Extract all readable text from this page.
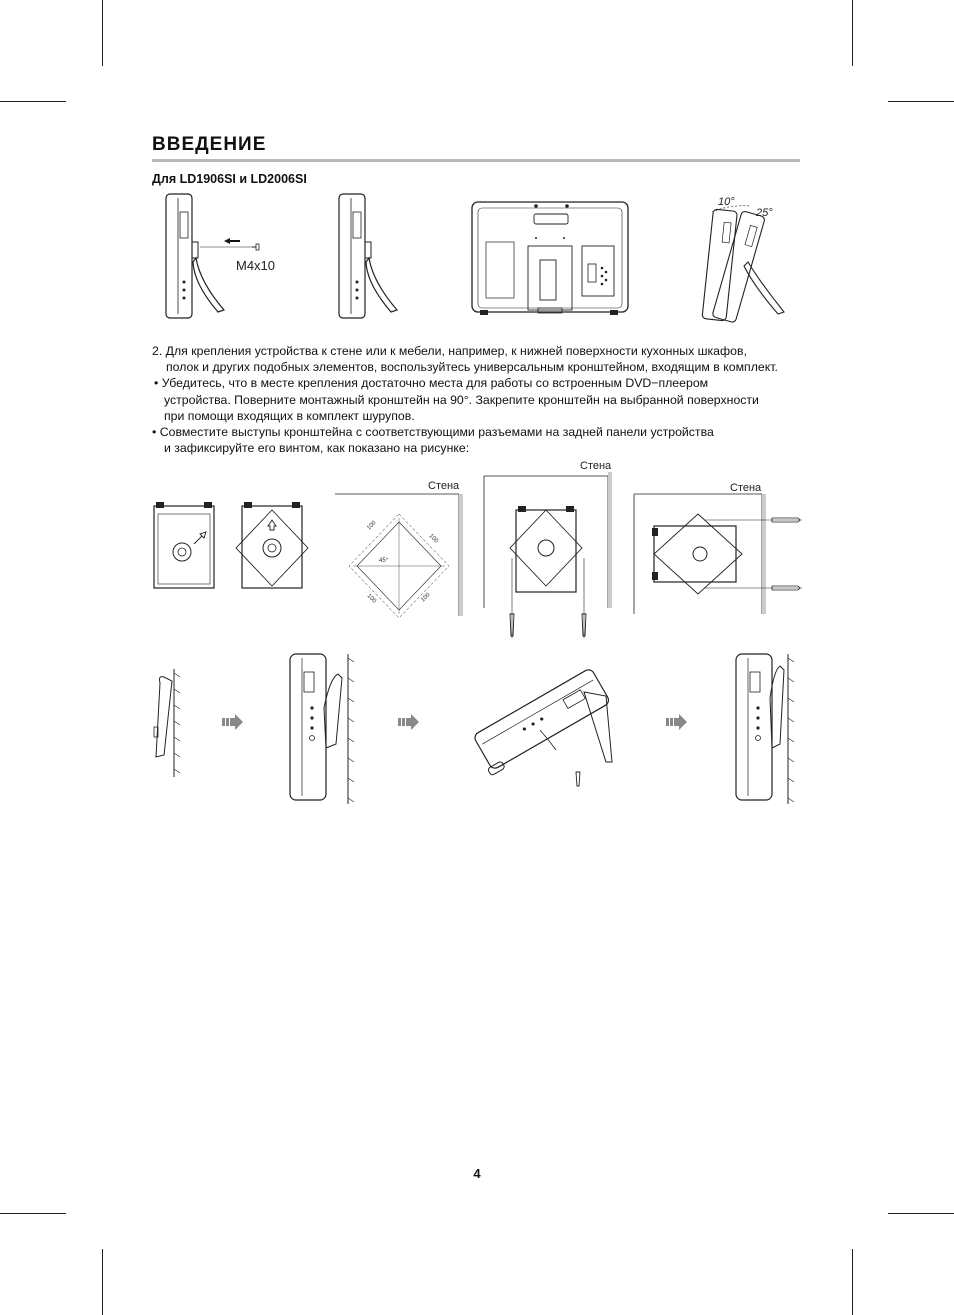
ВВЕДЕНИЕ
Для LD1906SI и LD2006SI
M4x10
10°
25°

2. Для крепления устройства к стене или к мебели, например, к нижней поверхности кухонных шкафов,

полок и других подобных элементов, воспользуйтесь универсальным кронштейном, входящим в комплект.

• Убедитесь, что в месте крепления достаточно места для работы со встроенным DVD−плеером

устройства. Поверните монтажный кронштейн на 90°. Закрепите кронштейн на выбранной поверхности

при помощи входящих в комплект шурупов.

• Совместите выступы кронштейна с соответствующими разъемами на задней панели устройства

и зафиксируйте его винтом, как показано на рисунке:

Стена
100
100
100	100
45°
Стена
Стена
4
